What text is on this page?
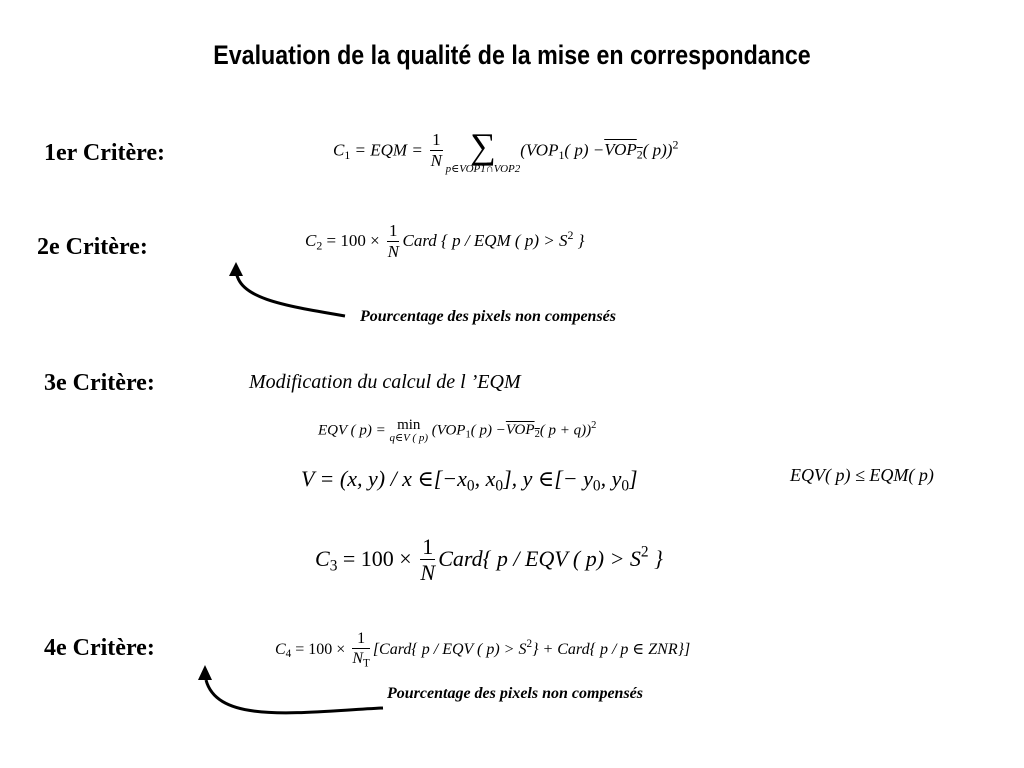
Evaluation de la qualité de la mise en correspondance
1er Critère:	$C_1$ = EQM = $\frac{1}{N}$ ∑
p∈VOP1∩VOP2
($VOP_1$( $p) -VOP_2$( p))$^2$
2e Critère:	$C_2 = 100 \times \frac{1}{N}$ Card { p / EQM ( $p) > S^2$ }
Pourcentage des pixels non compensés
3e Critère:	Modification du calcul de l ’EQM
EQV ( p) = min
q∈V ( p) ($VOP_1$( $p) -VOP_2$( p + q))$^2$
V = (x, y) / x $\in[-x_0$, $x_0$], y ∈[− $y_0$, $y_0$]	EQV( p) ≤ EQM( p)
$C_3 = 100 \times \frac{1}{N}$ Card{ p / EQV ( $p) > S^2$ }
4e Critère:	$C_4 = 100 \times \frac{1}{N_T}$ [Card{ p / EQV ( $p) > S^2$} + Card{ p / p ∈ ZNR}]
Pourcentage des pixels non compensés
